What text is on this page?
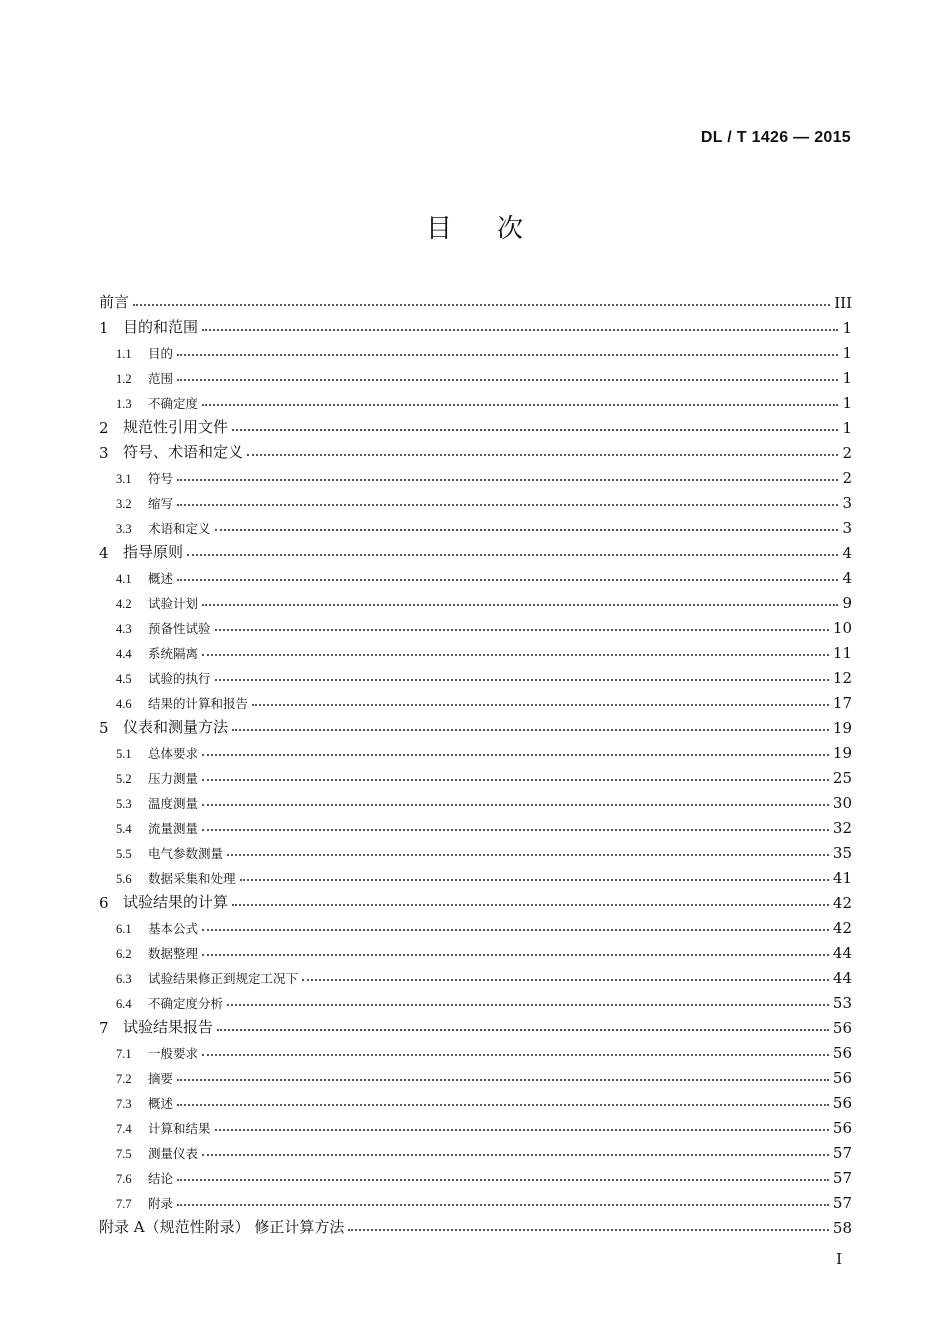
DL / T 1426 — 2015
目 次
前言	III
1 目的和范围	1
1.1	目的	1
1.2	范围	1
1.3	不确定度	1
2 规范性引用文件	1
3 符号、术语和定义	2
3.1	符号	2
3.2	缩写	3
3.3	术语和定义	3
4 指导原则	4
4.1	概述	4
4.2	试验计划	9
4.3	预备性试验	10
4.4	系统隔离	11
4.5	试验的执行	12
4.6	结果的计算和报告	17
5 仪表和测量方法	19
5.1	总体要求	19
5.2	压力测量	25
5.3	温度测量	30
5.4	流量测量	32
5.5	电气参数测量	35
5.6	数据采集和处理	41
6 试验结果的计算	42
6.1	基本公式	42
6.2	数据整理	44
6.3	试验结果修正到规定工况下	44
6.4	不确定度分析	53
7 试验结果报告	56
7.1	一般要求	56
7.2	摘要	56
7.3	概述	56
7.4	计算和结果	56
7.5	测量仪表	57
7.6	结论	57
7.7	附录	57
附录 A（规范性附录） 修正计算方法	58
I
